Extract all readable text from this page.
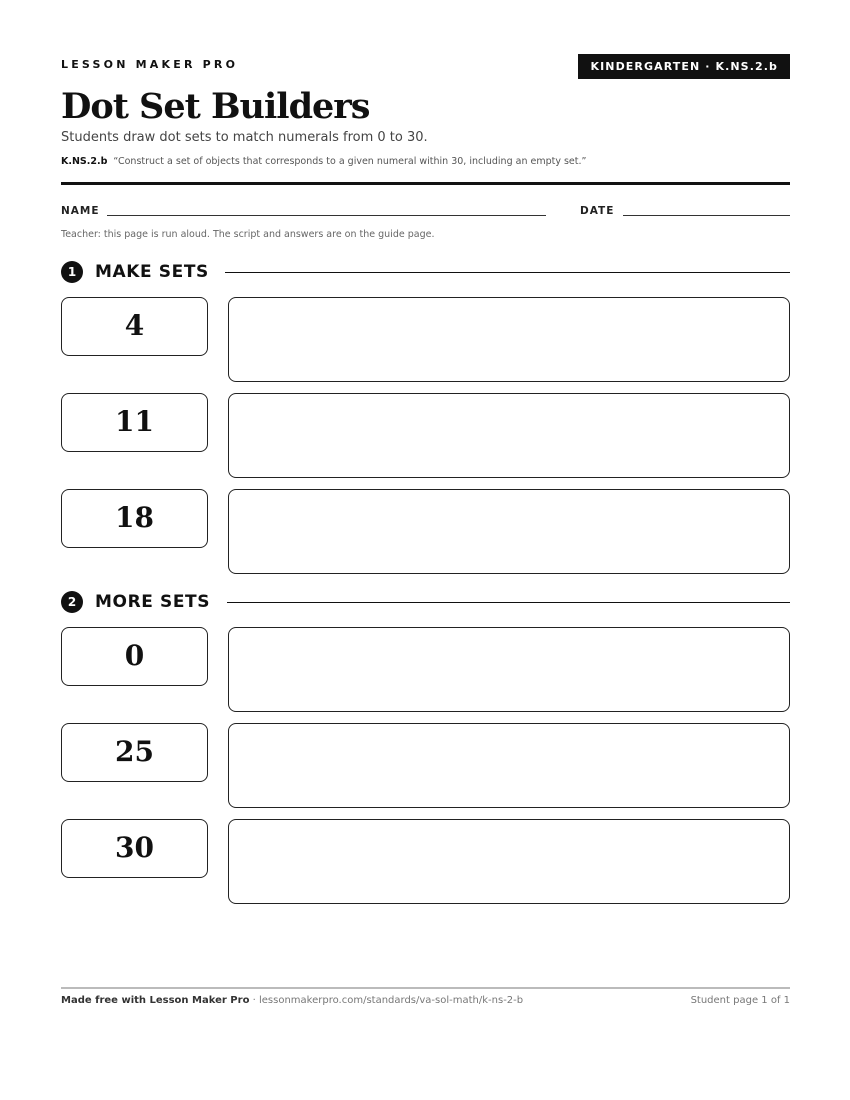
LESSON MAKER PRO	KINDERGARTEN · K.NS.2.b
Dot Set Builders
Students draw dot sets to match numerals from 0 to 30.
K.NS.2.b “Construct a set of objects that corresponds to a given numeral within 30, including an empty set.”
NAME	DATE
Teacher: this page is run aloud. The script and answers are on the guide page.
1	MAKE SETS
4
11
18
2	MORE SETS
0
25
30
Made free with Lesson Maker Pro · lessonmakerpro.com/standards/va-sol-math/k-ns-2-b	Student page 1 of 1
